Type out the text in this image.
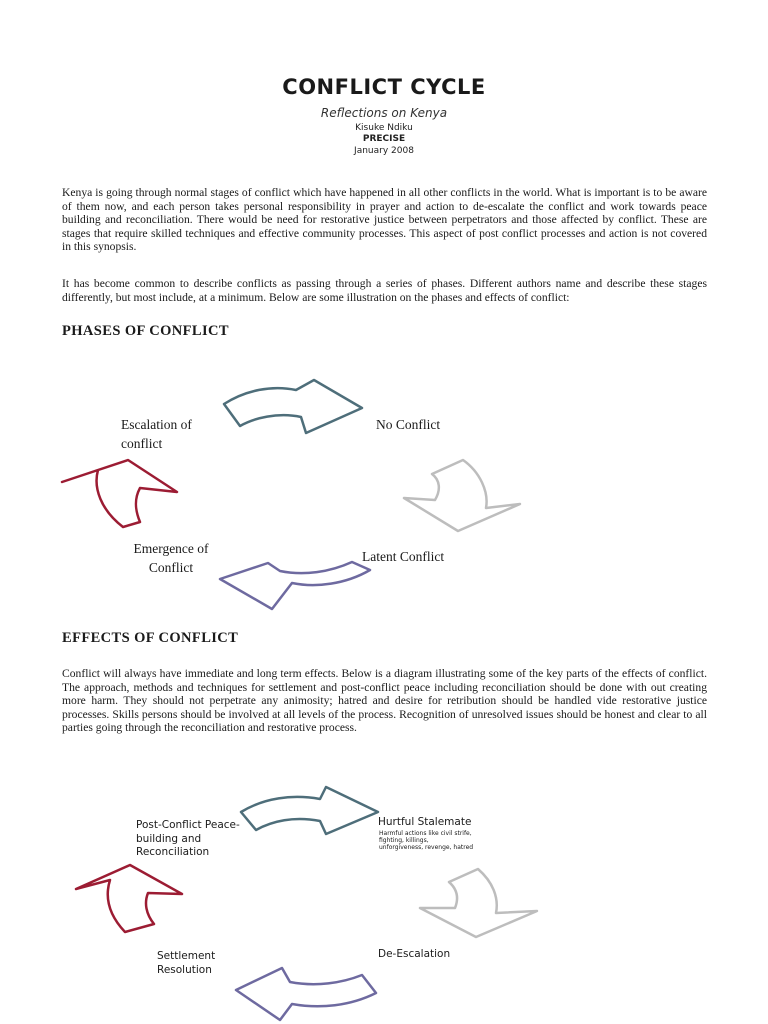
CONFLICT CYCLE
Reflections on Kenya
Kisuke Ndiku
PRECISE
January 2008
Kenya is going through normal stages of conflict which have happened in all other conflicts in the world. What is important is to be aware of them now, and each person takes personal responsibility in prayer and action to de-escalate the conflict and work towards peace building and reconciliation. There would be need for restorative justice between perpetrators and those affected by conflict. These are stages that require skilled techniques and effective community processes. This aspect of post conflict processes and action is not covered in this synopsis.
It has become common to describe conflicts as passing through a series of phases. Different authors name and describe these stages differently, but most include, at a minimum. Below are some illustration on the phases and effects of conflict:
PHASES OF CONFLICT
Escalation of conflict
No Conflict
Latent Conflict
Emergence of Conflict
EFFECTS OF CONFLICT
Conflict will always have immediate and long term effects. Below is a diagram illustrating some of the key parts of the effects of conflict. The approach, methods and techniques for settlement and post-conflict peace including reconciliation should be done with out creating more harm. They should not perpetrate any animosity; hatred and desire for retribution should be handled vide restorative justice processes. Skills persons should be involved at all levels of the process. Recognition of unresolved issues should be honest and clear to all parties going through the reconciliation and restorative process.
Post-Conflict Peace-building and Reconciliation
Hurtful Stalemate
Harmful actions like civil strife, fighting, killings, unforgiveness, revenge, hatred
De-Escalation
Settlement Resolution
